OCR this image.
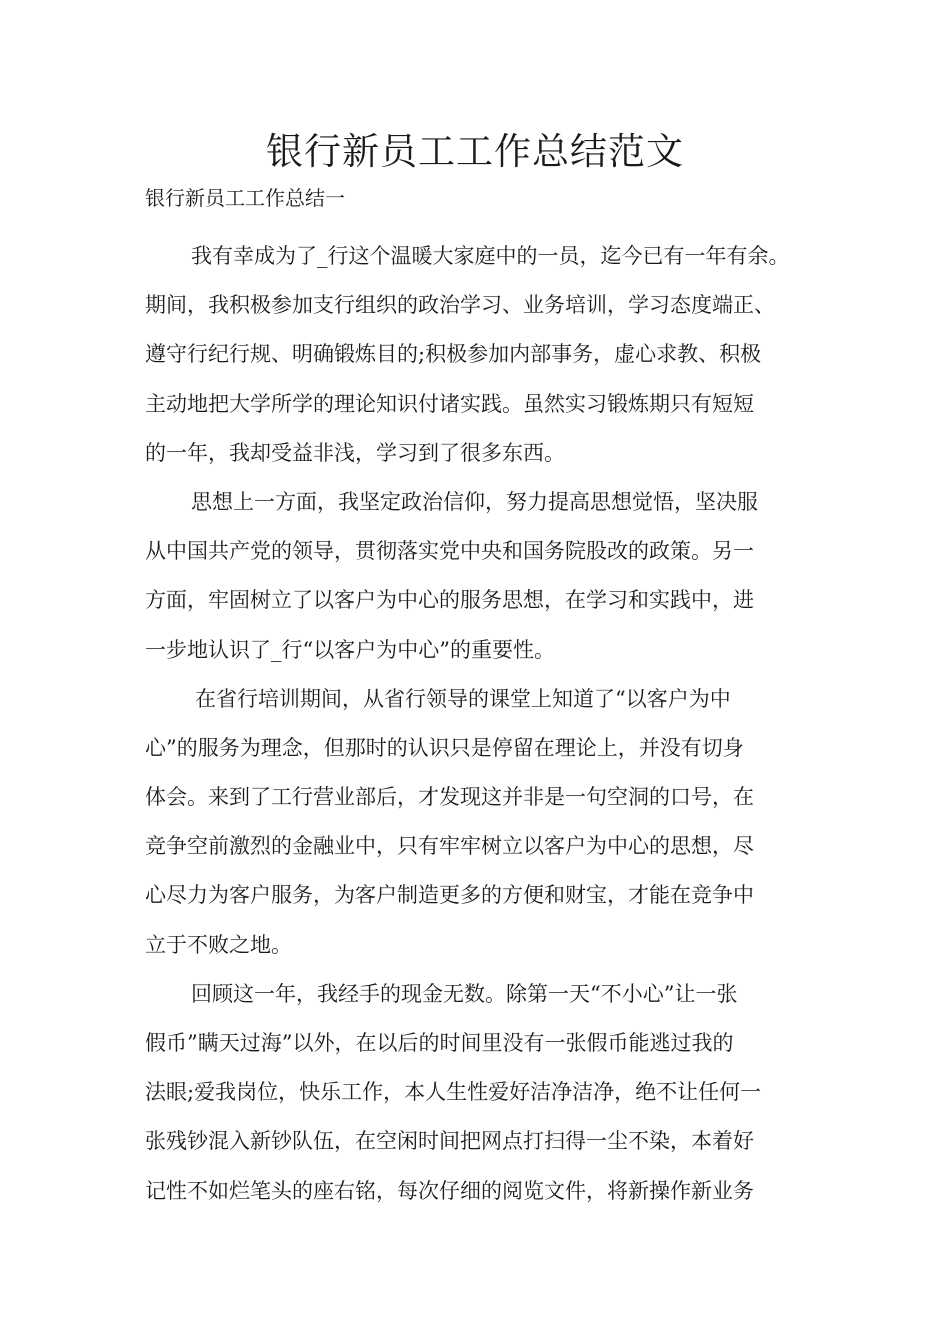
银行新员工工作总结范文
银行新员工工作总结一
我有幸成为了_行这个温暖大家庭中的一员，迄今已有一年有余。
期间，我积极参加支行组织的政治学习、业务培训，学习态度端正、
遵守行纪行规、明确锻炼目的;积极参加内部事务，虚心求教、积极
主动地把大学所学的理论知识付诸实践。虽然实习锻炼期只有短短
的一年，我却受益非浅，学习到了很多东西。
思想上一方面，我坚定政治信仰，努力提高思想觉悟，坚决服
从中国共产党的领导，贯彻落实党中央和国务院股改的政策。另一
方面，牢固树立了以客户为中心的服务思想，在学习和实践中，进
一步地认识了_行“以客户为中心”的重要性。
在省行培训期间，从省行领导的课堂上知道了“以客户为中
心”的服务为理念，但那时的认识只是停留在理论上，并没有切身
体会。来到了工行营业部后，才发现这并非是一句空洞的口号，在
竞争空前激烈的金融业中，只有牢牢树立以客户为中心的思想，尽
心尽力为客户服务，为客户制造更多的方便和财宝，才能在竞争中
立于不败之地。
回顾这一年，我经手的现金无数。除第一天“不小心”让一张
假币”瞒天过海”以外，在以后的时间里没有一张假币能逃过我的
法眼;爱我岗位，快乐工作，本人生性爱好洁净洁净，绝不让任何一
张残钞混入新钞队伍，在空闲时间把网点打扫得一尘不染，本着好
记性不如烂笔头的座右铭，每次仔细的阅览文件，将新操作新业务
